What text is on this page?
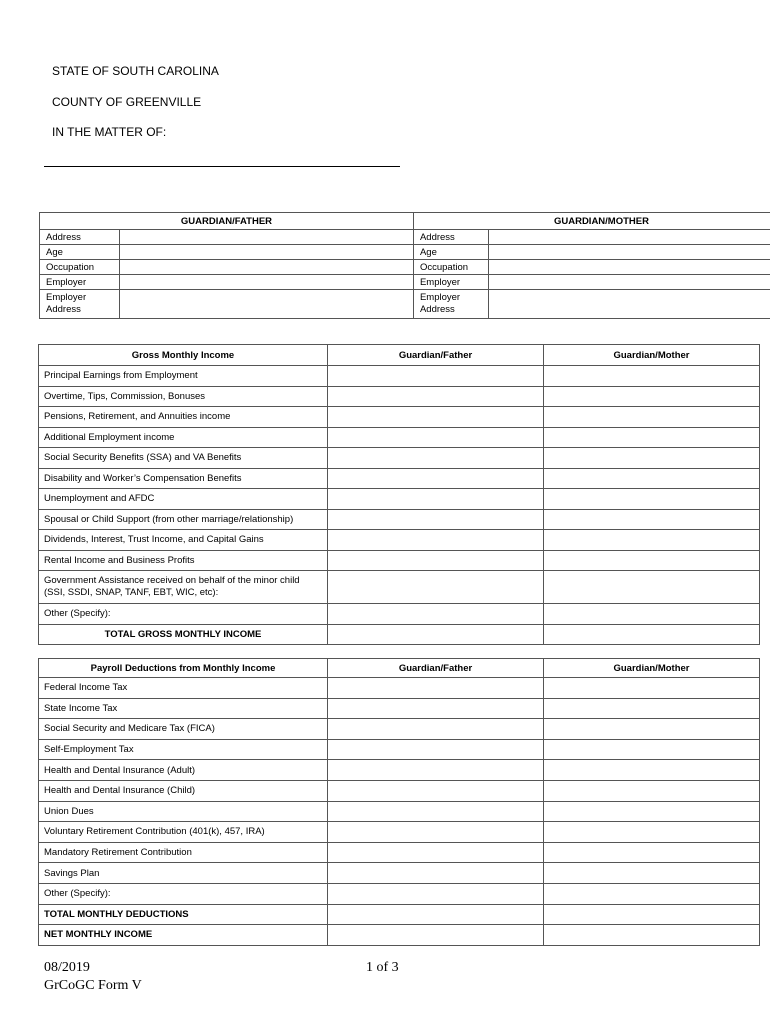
STATE OF SOUTH CAROLINA
COUNTY OF GREENVILLE
IN THE MATTER OF:
GUARDIAN/FATHER		GUARDIAN/MOTHER	
Address		Address	
Age		Age	
Occupation		Occupation	
Employer		Employer	
Employer Address		Employer Address	
Gross Monthly Income	Guardian/Father	Guardian/Mother
Principal Earnings from Employment		
Overtime, Tips, Commission, Bonuses		
Pensions, Retirement, and Annuities income		
Additional Employment income		
Social Security Benefits (SSA) and VA Benefits		
Disability and Worker’s Compensation Benefits		
Unemployment and AFDC		
Spousal or Child Support (from other marriage/relationship)		
Dividends, Interest, Trust Income, and Capital Gains		
Rental Income and Business Profits		
Government Assistance received on behalf of the minor child (SSI, SSDI, SNAP, TANF, EBT, WIC, etc):		
Other (Specify):		
TOTAL GROSS MONTHLY INCOME		
Payroll Deductions from Monthly Income	Guardian/Father	Guardian/Mother
Federal Income Tax		
State Income Tax		
Social Security and Medicare Tax (FICA)		
Self-Employment Tax		
Health and Dental Insurance (Adult)		
Health and Dental Insurance (Child)		
Union Dues		
Voluntary Retirement Contribution (401(k), 457, IRA)		
Mandatory Retirement Contribution		
Savings Plan		
Other (Specify):		
TOTAL MONTHLY DEDUCTIONS		
NET MONTHLY INCOME		
08/2019
GrCoGC Form V
1 of 3
